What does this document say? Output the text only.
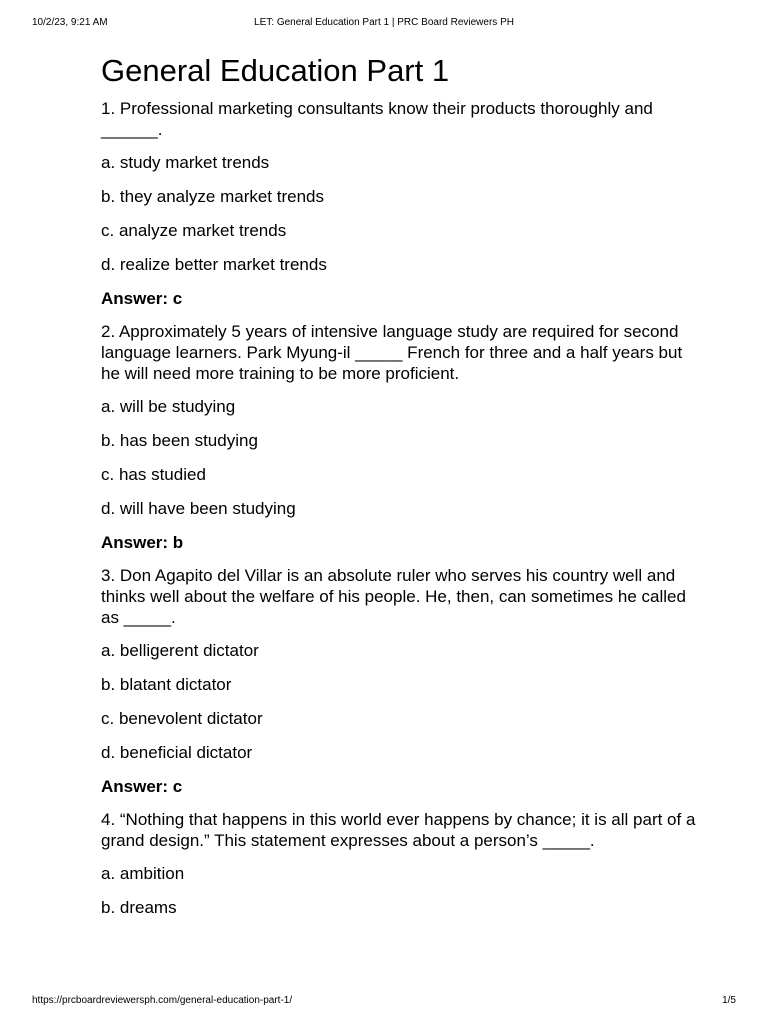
10/2/23, 9:21 AM	LET: General Education Part 1 | PRC Board Reviewers PH
General Education Part 1

1. Professional marketing consultants know their products thoroughly and ______.

a. study market trends

b. they analyze market trends

c. analyze market trends

d. realize better market trends

Answer: c

2. Approximately 5 years of intensive language study are required for second language learners. Park Myung-il _____ French for three and a half years but he will need more training to be more proficient.

a. will be studying

b. has been studying

c. has studied

d. will have been studying

Answer: b

3. Don Agapito del Villar is an absolute ruler who serves his country well and thinks well about the welfare of his people. He, then, can sometimes he called as _____.

a. belligerent dictator

b. blatant dictator

c. benevolent dictator

d. beneficial dictator

Answer: c

4. “Nothing that happens in this world ever happens by chance; it is all part of a grand design.” This statement expresses about a person’s _____.

a. ambition

b. dreams

https://prcboardreviewersph.com/general-education-part-1/	1/5
